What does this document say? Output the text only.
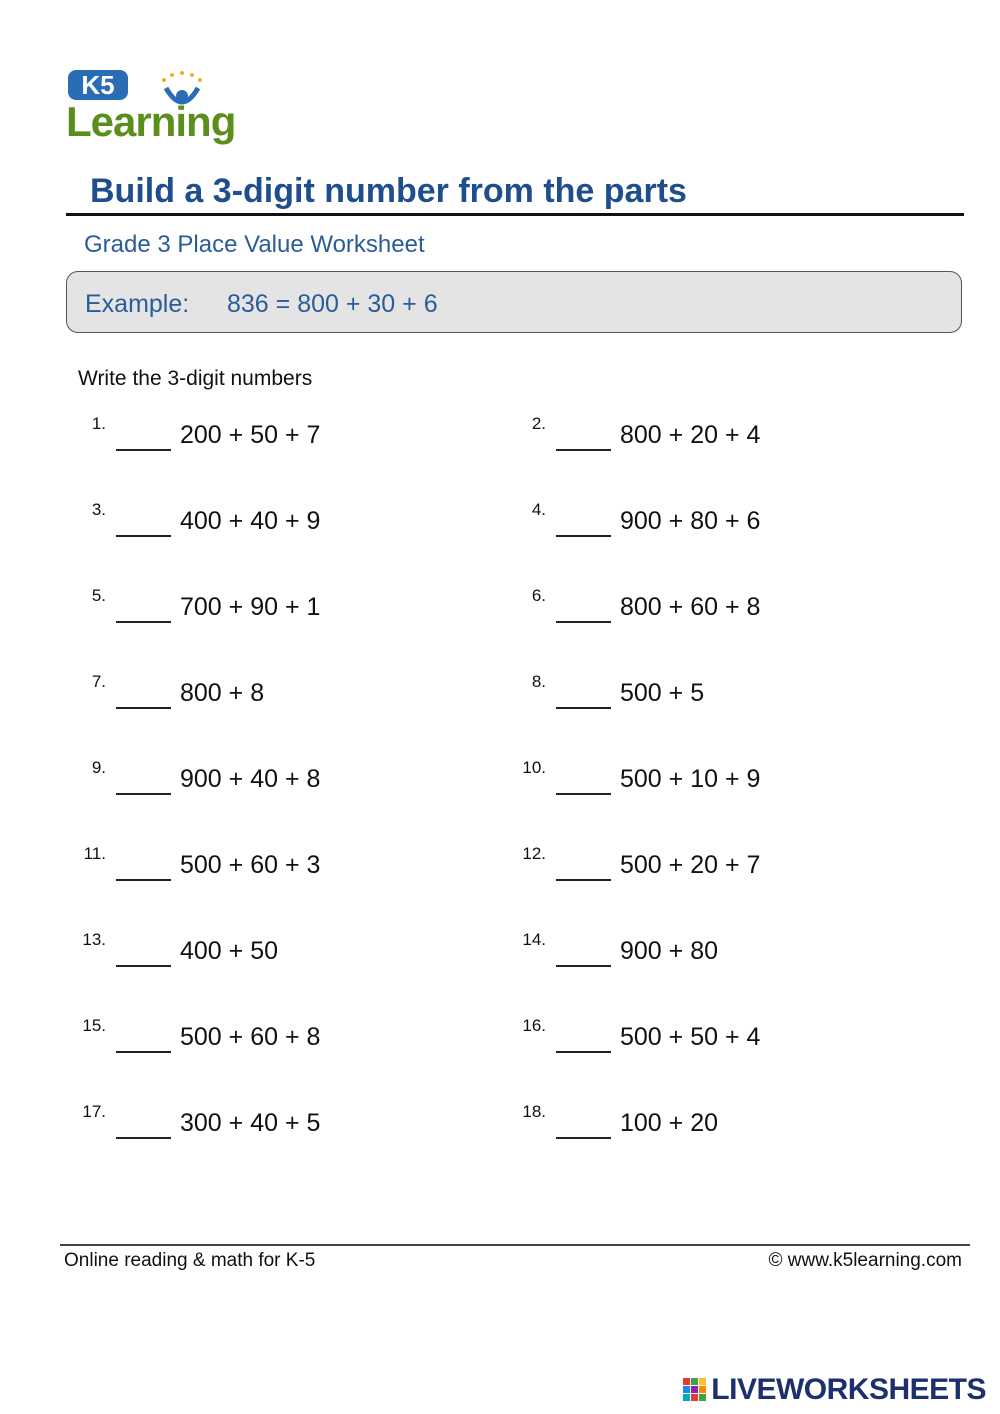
K5
Learning
Build a 3-digit number from the parts
Grade 3 Place Value Worksheet
Example: 836 = 800 + 30 + 6
Write the 3-digit numbers
1.	200 + 50 + 7	2.	800 + 20 + 4
3.	400 + 40 + 9	4.	900 + 80 + 6
5.	700 + 90 + 1	6.	800 + 60 + 8
7.	800 + 8	8.	500 + 5
9.	900 + 40 + 8	10.	500 + 10 + 9
11.	500 + 60 + 3	12.	500 + 20 + 7
13.	400 + 50	14.	900 + 80
15.	500 + 60 + 8	16.	500 + 50 + 4
17.	300 + 40 + 5	18.	100 + 20
Online reading & math for K-5	© www.k5learning.com
LIVEWORKSHEETS
